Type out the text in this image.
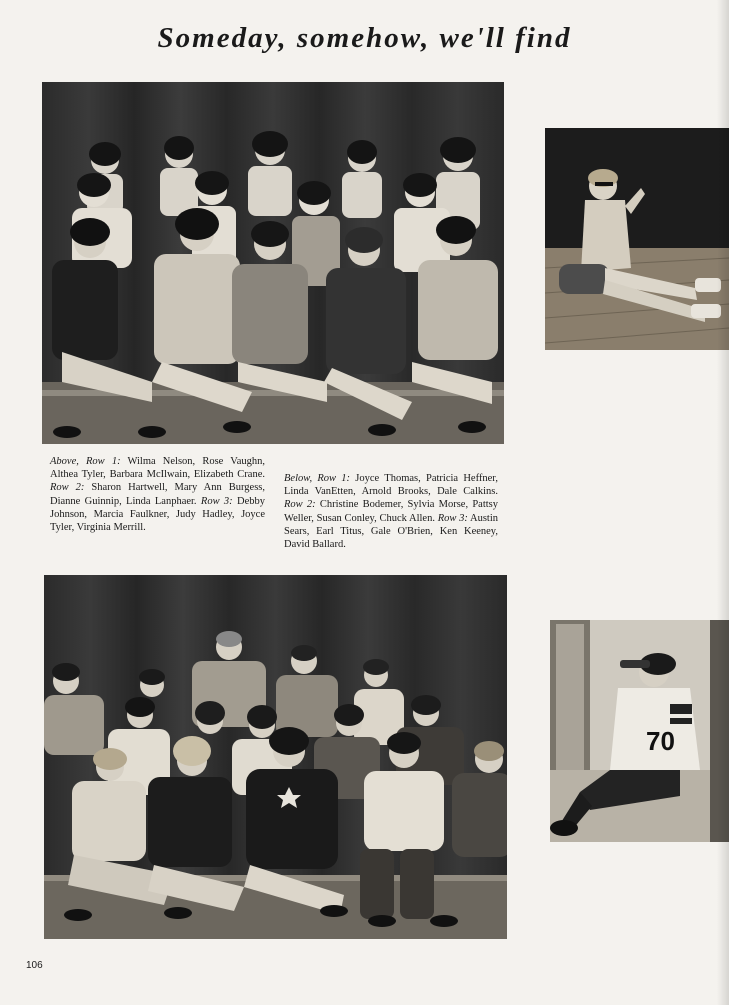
Someday, somehow, we'll find
Above, Row 1: Wilma Nelson, Rose Vaughn, Althea Tyler, Barbara McIlwain, Elizabeth Crane. Row 2: Sharon Hartwell, Mary Ann Burgess, Dianne Guinnip, Linda Lanphaer. Row 3: Debby Johnson, Marcia Faulkner, Judy Hadley, Joyce Tyler, Virginia Merrill.
Below, Row 1: Joyce Thomas, Patricia Heffner, Linda VanEtten, Arnold Brooks, Dale Calkins. Row 2: Christine Bodemer, Sylvia Morse, Pattsy Weller, Susan Conley, Chuck Allen. Row 3: Austin Sears, Earl Titus, Gale O'Brien, Ken Keeney, David Ballard.
70
106
